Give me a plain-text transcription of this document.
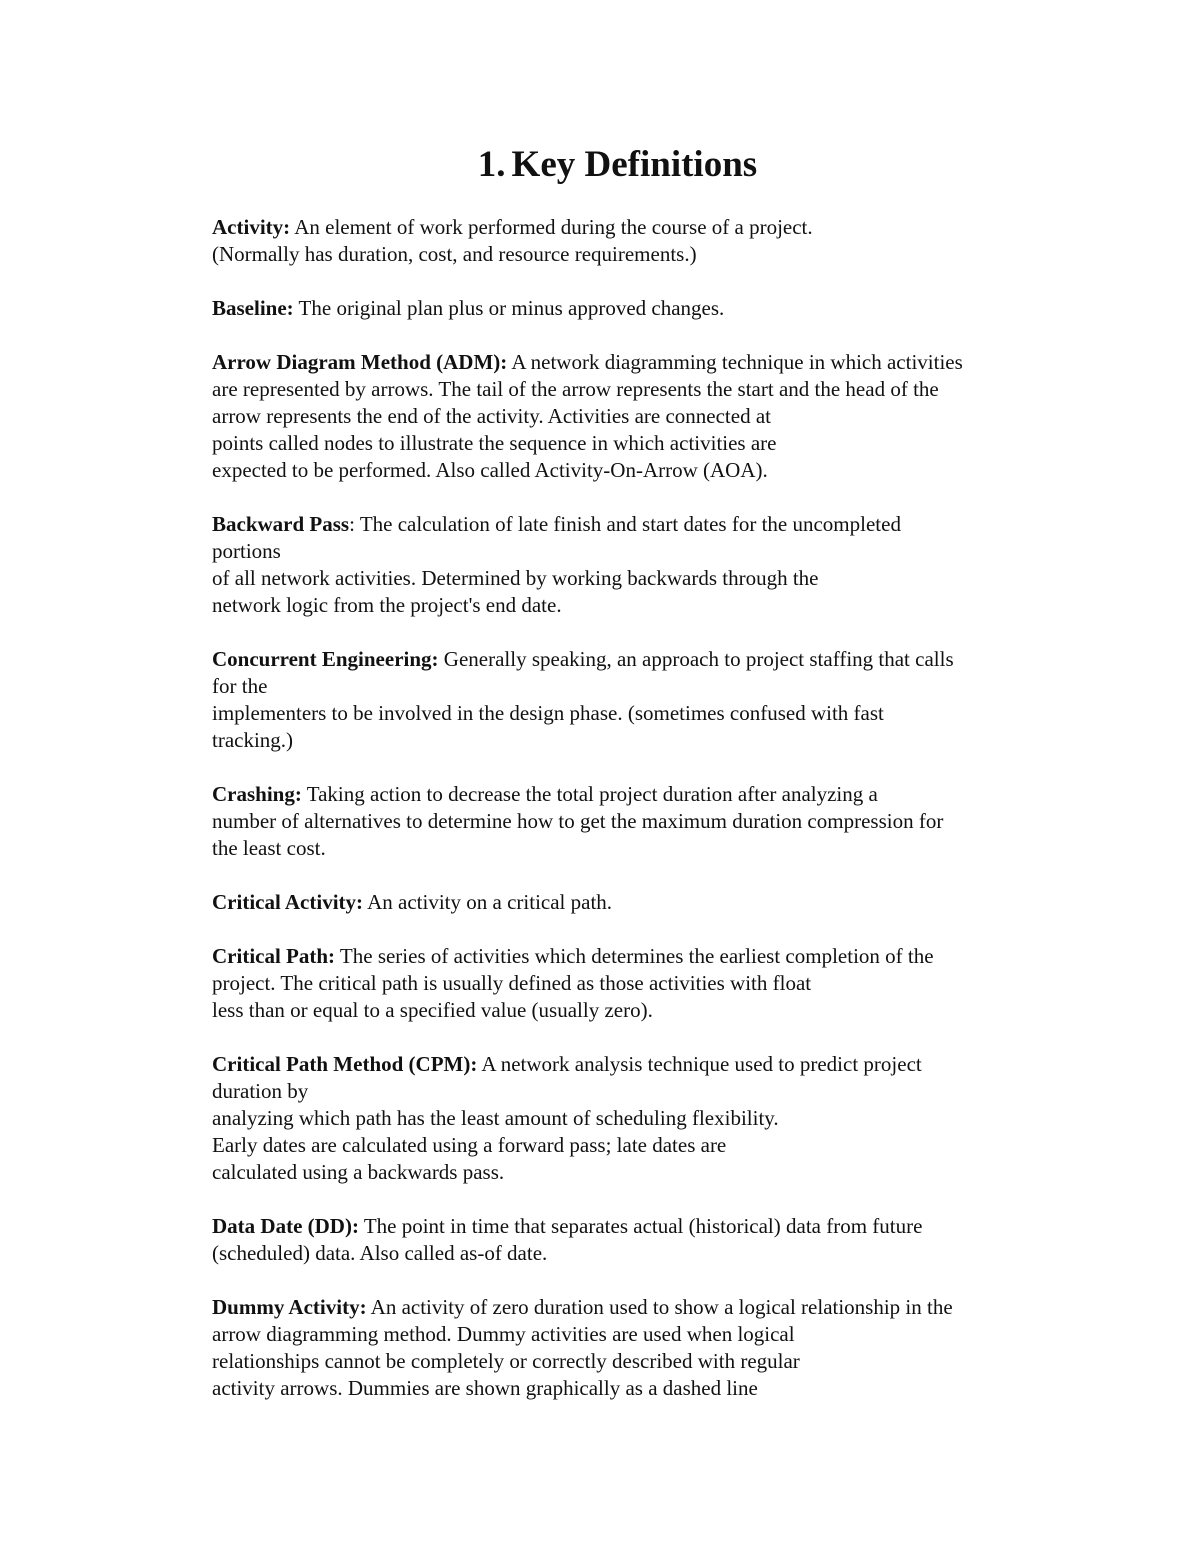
1. Key Definitions

Activity: An element of work performed during the course of a project.
(Normally has duration, cost, and resource requirements.)

Baseline: The original plan plus or minus approved changes.

Arrow Diagram Method (ADM): A network diagramming technique in which activities
are represented by arrows. The tail of the arrow represents the start and the head of the
arrow represents the end of the activity. Activities are connected at
points called nodes to illustrate the sequence in which activities are
expected to be performed. Also called Activity-On-Arrow (AOA).

Backward Pass: The calculation of late finish and start dates for the uncompleted
portions
of all network activities. Determined by working backwards through the
network logic from the project's end date.

Concurrent Engineering: Generally speaking, an approach to project staffing that calls
for the
implementers to be involved in the design phase. (sometimes confused with fast
tracking.)

Crashing: Taking action to decrease the total project duration after analyzing a
number of alternatives to determine how to get the maximum duration compression for
the least cost.

Critical Activity: An activity on a critical path.

Critical Path: The series of activities which determines the earliest completion of the
project. The critical path is usually defined as those activities with float
less than or equal to a specified value (usually zero).

Critical Path Method (CPM): A network analysis technique used to predict project
duration by
analyzing which path has the least amount of scheduling flexibility.
Early dates are calculated using a forward pass; late dates are
calculated using a backwards pass.

Data Date (DD): The point in time that separates actual (historical) data from future
(scheduled) data. Also called as-of date.

Dummy Activity: An activity of zero duration used to show a logical relationship in the
arrow diagramming method. Dummy activities are used when logical
relationships cannot be completely or correctly described with regular
activity arrows. Dummies are shown graphically as a dashed line
